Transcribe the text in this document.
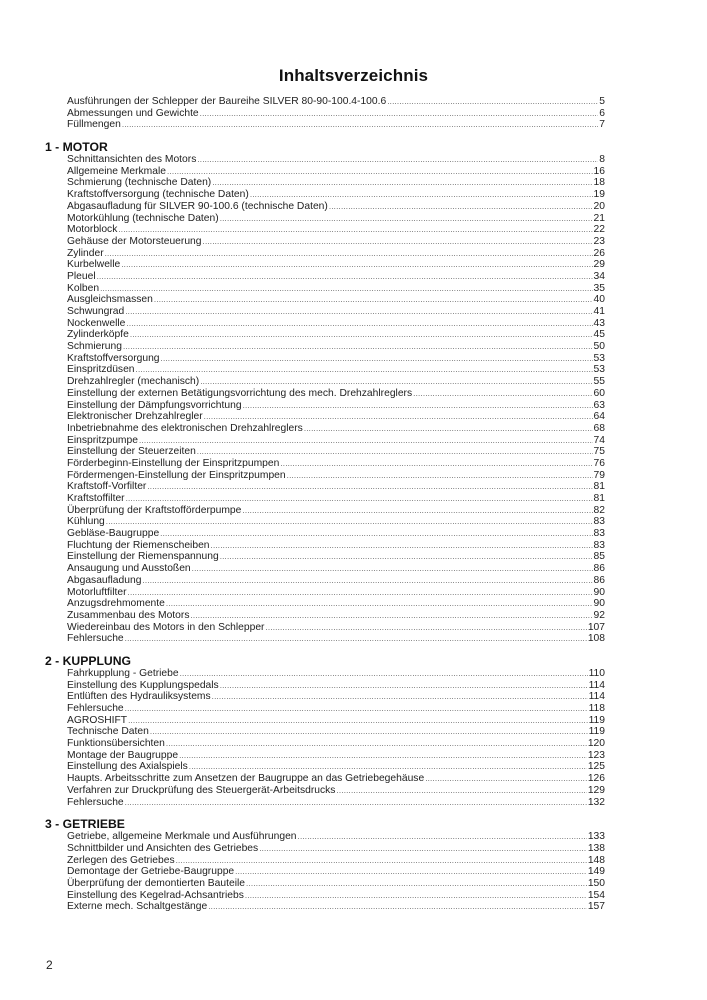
Inhaltsverzeichnis
Ausführungen der Schlepper der Baureihe SILVER 80-90-100.4-100.6 .....	5
Abmessungen und Gewichte .....	6
Füllmengen .....	7
1 - MOTOR
Schnittansichten des Motors .....	8
Allgemeine Merkmale .....	16
Schmierung (technische Daten) .....	18
Kraftstoffversorgung (technische Daten) .....	19
Abgasaufladung für SILVER 90-100.6 (technische Daten) .....	20
Motorkühlung (technische Daten) .....	21
Motorblock .....	22
Gehäuse der Motorsteuerung .....	23
Zylinder .....	26
Kurbelwelle .....	29
Pleuel .....	34
Kolben .....	35
Ausgleichsmassen .....	40
Schwungrad .....	41
Nockenwelle .....	43
Zylinderköpfe .....	45
Schmierung .....	50
Kraftstoffversorgung .....	53
Einspritzdüsen .....	53
Drehzahlregler (mechanisch) .....	55
Einstellung der externen Betätigungsvorrichtung des mech. Drehzahlreglers .....	60
Einstellung der Dämpfungsvorrichtung .....	63
Elektronischer Drehzahlregler .....	64
Inbetriebnahme des elektronischen Drehzahlreglers .....	68
Einspritzpumpe .....	74
Einstellung der Steuerzeiten .....	75
Förderbeginn-Einstellung der Einspritzpumpen .....	76
Fördermengen-Einstellung der Einspritzpumpen .....	79
Kraftstoff-Vorfilter .....	81
Kraftstoffilter .....	81
Überprüfung der Kraftstofförderpumpe .....	82
Kühlung .....	83
Gebläse-Baugruppe .....	83
Fluchtung der Riemenscheiben .....	83
Einstellung der Riemenspannung .....	85
Ansaugung und Ausstoßen .....	86
Abgasaufladung .....	86
Motorluftfilter .....	90
Anzugsdrehmomente .....	90
Zusammenbau des Motors .....	92
Wiedereinbau des Motors in den Schlepper .....	107
Fehlersuche .....	108
2 - KUPPLUNG
Fahrkupplung - Getriebe .....	110
Einstellung des Kupplungspedals .....	114
Entlüften des Hydrauliksystems .....	114
Fehlersuche .....	118
AGROSHIFT .....	119
Technische Daten .....	119
Funktionsübersichten .....	120
Montage der Baugruppe .....	123
Einstellung des Axialspiels .....	125
Haupts. Arbeitsschritte zum Ansetzen der Baugruppe an das Getriebegehäuse .....	126
Verfahren zur Druckprüfung des Steuergerät-Arbeitsdrucks .....	129
Fehlersuche .....	132
3 - GETRIEBE
Getriebe, allgemeine Merkmale und Ausführungen .....	133
Schnittbilder und Ansichten des Getriebes .....	138
Zerlegen des Getriebes .....	148
Demontage der Getriebe-Baugruppe .....	149
Überprüfung der demontierten Bauteile .....	150
Einstellung des Kegelrad-Achsantriebs .....	154
Externe mech. Schaltgestänge .....	157
2
